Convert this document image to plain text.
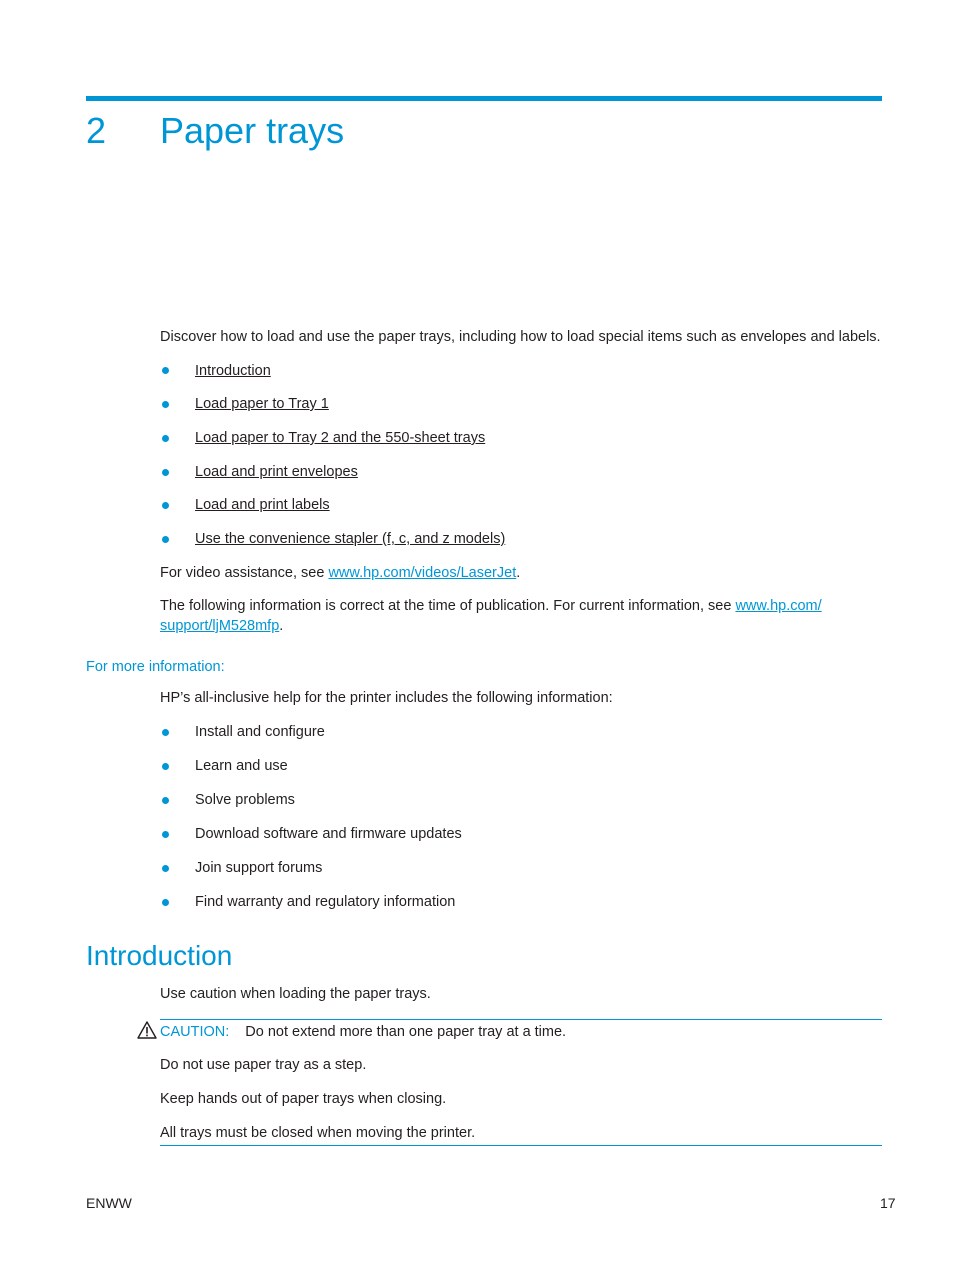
2 Paper trays
Discover how to load and use the paper trays, including how to load special items such as envelopes and labels.
Introduction
Load paper to Tray 1
Load paper to Tray 2 and the 550-sheet trays
Load and print envelopes
Load and print labels
Use the convenience stapler (f, c, and z models)
For video assistance, see www.hp.com/videos/LaserJet.
The following information is correct at the time of publication. For current information, see www.hp.com/
support/ljM528mfp.
For more information:
HP’s all-inclusive help for the printer includes the following information:
Install and configure
Learn and use
Solve problems
Download software and firmware updates
Join support forums
Find warranty and regulatory information
Introduction
Use caution when loading the paper trays.
CAUTION: Do not extend more than one paper tray at a time.
Do not use paper tray as a step.
Keep hands out of paper trays when closing.
All trays must be closed when moving the printer.
ENWW	17
